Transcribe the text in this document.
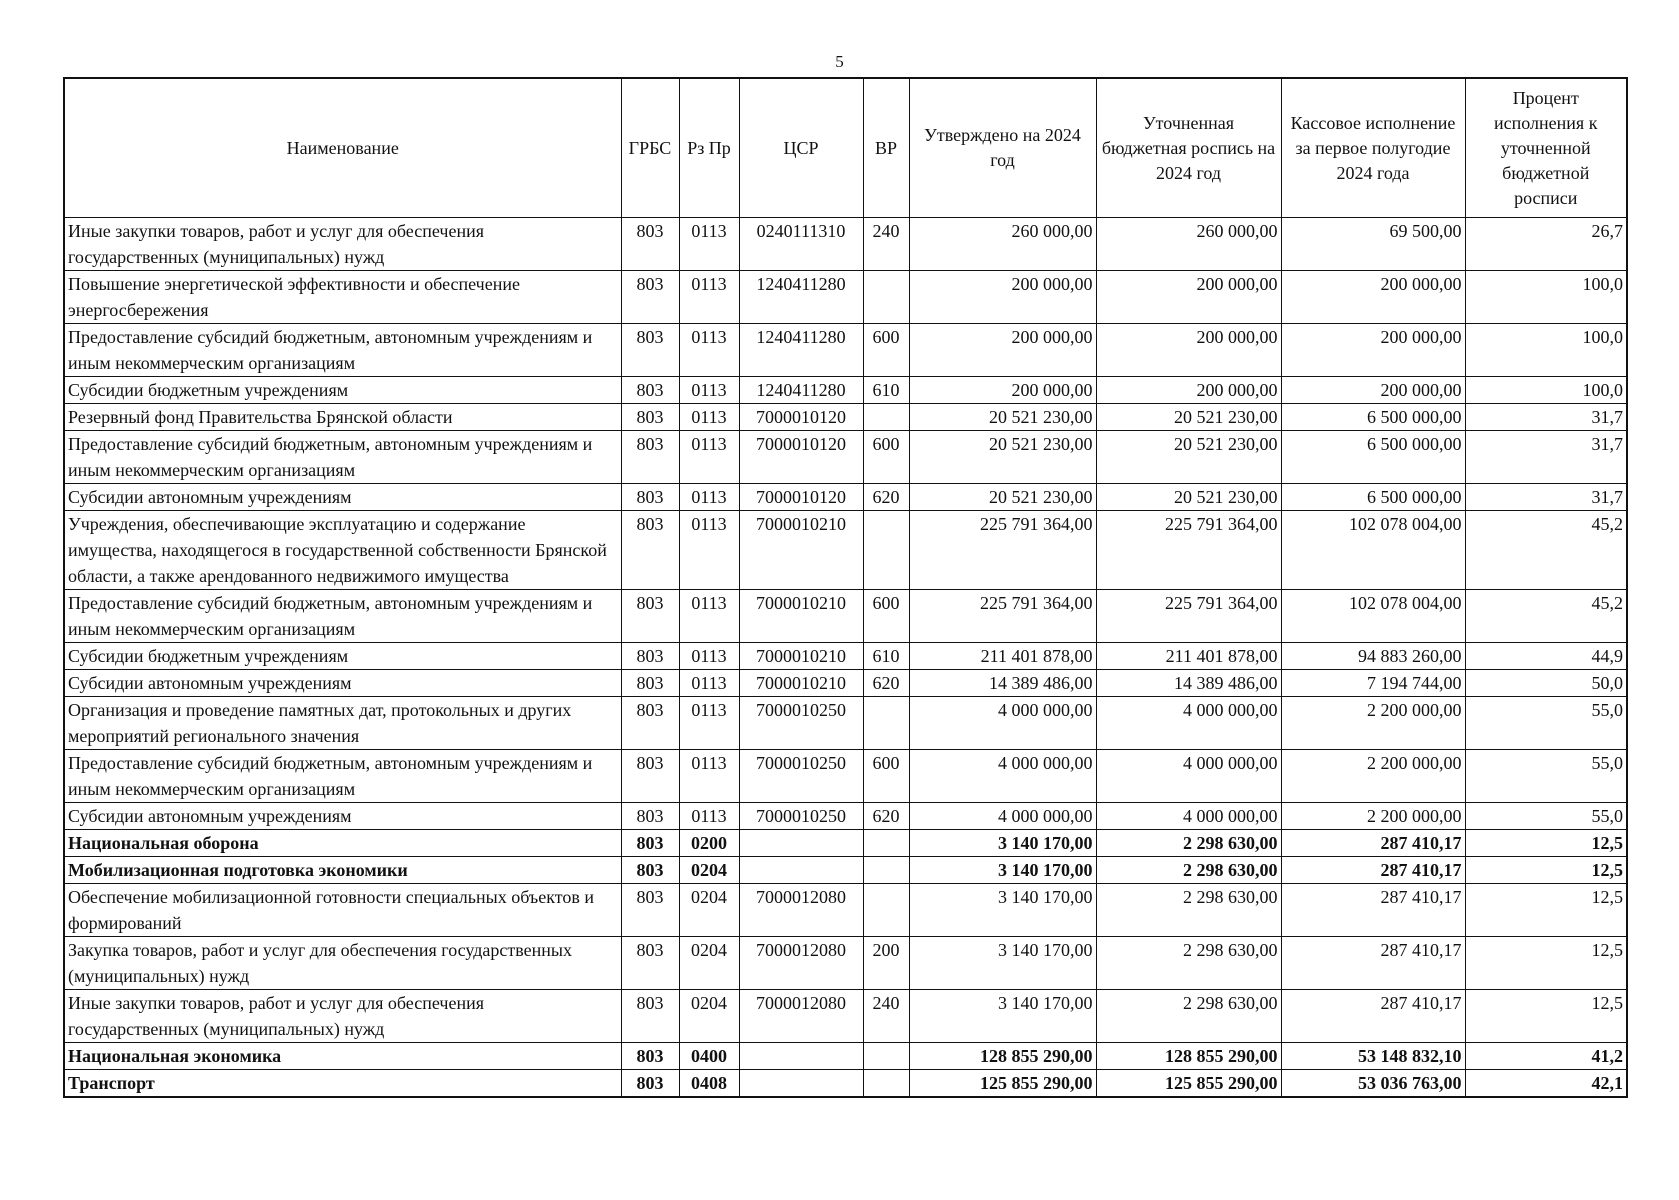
5
Наименование	ГРБС	Рз Пр	ЦСР	ВР	Утверждено на 2024 год	Уточненная бюджетная роспись на 2024 год	Кассовое исполнение за первое полугодие 2024 года	Процент исполнения к уточненной бюджетной росписи
Иные закупки товаров, работ и услуг для обеспечения государственных (муниципальных) нужд	803	0113	0240111310	240	260 000,00	260 000,00	69 500,00	26,7
Повышение энергетической эффективности и обеспечение энергосбережения	803	0113	1240411280		200 000,00	200 000,00	200 000,00	100,0
Предоставление субсидий бюджетным, автономным учреждениям и иным некоммерческим организациям	803	0113	1240411280	600	200 000,00	200 000,00	200 000,00	100,0
Субсидии бюджетным учреждениям	803	0113	1240411280	610	200 000,00	200 000,00	200 000,00	100,0
Резервный фонд Правительства Брянской области	803	0113	7000010120		20 521 230,00	20 521 230,00	6 500 000,00	31,7
Предоставление субсидий бюджетным, автономным учреждениям и иным некоммерческим организациям	803	0113	7000010120	600	20 521 230,00	20 521 230,00	6 500 000,00	31,7
Субсидии автономным учреждениям	803	0113	7000010120	620	20 521 230,00	20 521 230,00	6 500 000,00	31,7
Учреждения, обеспечивающие эксплуатацию и содержание имущества, находящегося в государственной собственности Брянской области, а также арендованного недвижимого имущества	803	0113	7000010210		225 791 364,00	225 791 364,00	102 078 004,00	45,2
Предоставление субсидий бюджетным, автономным учреждениям и иным некоммерческим организациям	803	0113	7000010210	600	225 791 364,00	225 791 364,00	102 078 004,00	45,2
Субсидии бюджетным учреждениям	803	0113	7000010210	610	211 401 878,00	211 401 878,00	94 883 260,00	44,9
Субсидии автономным учреждениям	803	0113	7000010210	620	14 389 486,00	14 389 486,00	7 194 744,00	50,0
Организация и проведение памятных дат, протокольных и других мероприятий регионального значения	803	0113	7000010250		4 000 000,00	4 000 000,00	2 200 000,00	55,0
Предоставление субсидий бюджетным, автономным учреждениям и иным некоммерческим организациям	803	0113	7000010250	600	4 000 000,00	4 000 000,00	2 200 000,00	55,0
Субсидии автономным учреждениям	803	0113	7000010250	620	4 000 000,00	4 000 000,00	2 200 000,00	55,0
Национальная оборона	803	0200			3 140 170,00	2 298 630,00	287 410,17	12,5
Мобилизационная подготовка экономики	803	0204			3 140 170,00	2 298 630,00	287 410,17	12,5
Обеспечение мобилизационной готовности специальных объектов и формирований	803	0204	7000012080		3 140 170,00	2 298 630,00	287 410,17	12,5
Закупка товаров, работ и услуг для обеспечения государственных (муниципальных) нужд	803	0204	7000012080	200	3 140 170,00	2 298 630,00	287 410,17	12,5
Иные закупки товаров, работ и услуг для обеспечения государственных (муниципальных) нужд	803	0204	7000012080	240	3 140 170,00	2 298 630,00	287 410,17	12,5
Национальная экономика	803	0400			128 855 290,00	128 855 290,00	53 148 832,10	41,2
Транспорт	803	0408			125 855 290,00	125 855 290,00	53 036 763,00	42,1
